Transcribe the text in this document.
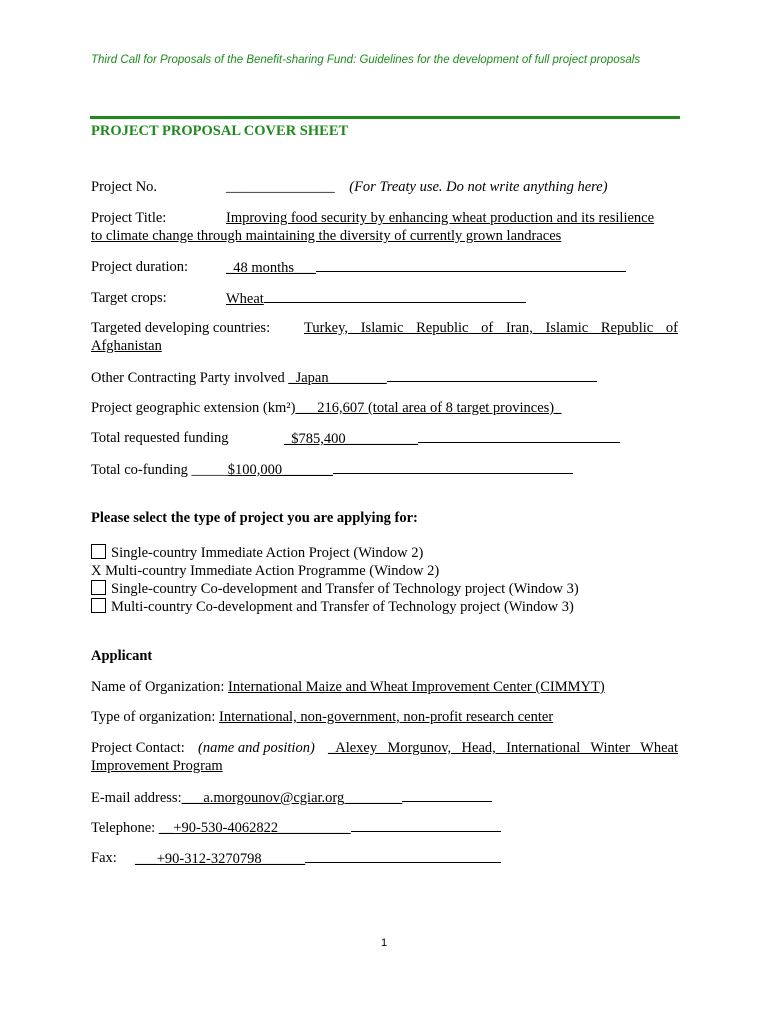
Third Call for Proposals of the Benefit-sharing Fund: Guidelines for the development of full project proposals
PROJECT PROPOSAL COVER SHEET
Project No.	_______________ (For Treaty use. Do not write anything here)
Project Title:	Improving food security by enhancing wheat production and its resilience
to climate change through maintaining the diversity of currently grown landraces
Project duration:	_48 months___
Target crops:	Wheat
Targeted developing countries: Turkey, Islamic Republic of Iran, Islamic Republic of
Afghanistan
Other Contracting Party involved _Japan________
Project geographic extension (km²)___216,607 (total area of 8 target provinces)_
Total requested funding	_$785,400__________
Total co-funding _____$100,000_______
Please select the type of project you are applying for:
Single-country Immediate Action Project (Window 2)
X Multi-country Immediate Action Programme (Window 2)
Single-country Co-development and Transfer of Technology project (Window 3)
Multi-country Co-development and Transfer of Technology project (Window 3)
Applicant
Name of Organization: International Maize and Wheat Improvement Center (CIMMYT)
Type of organization: International, non-government, non-profit research center
Project Contact: (name and position) _Alexey Morgunov, Head, International Winter Wheat
Improvement Program
E-mail address:___a.morgounov@cgiar.org________
Telephone: __+90-530-4062822__________
Fax: ___+90-312-3270798______
1
